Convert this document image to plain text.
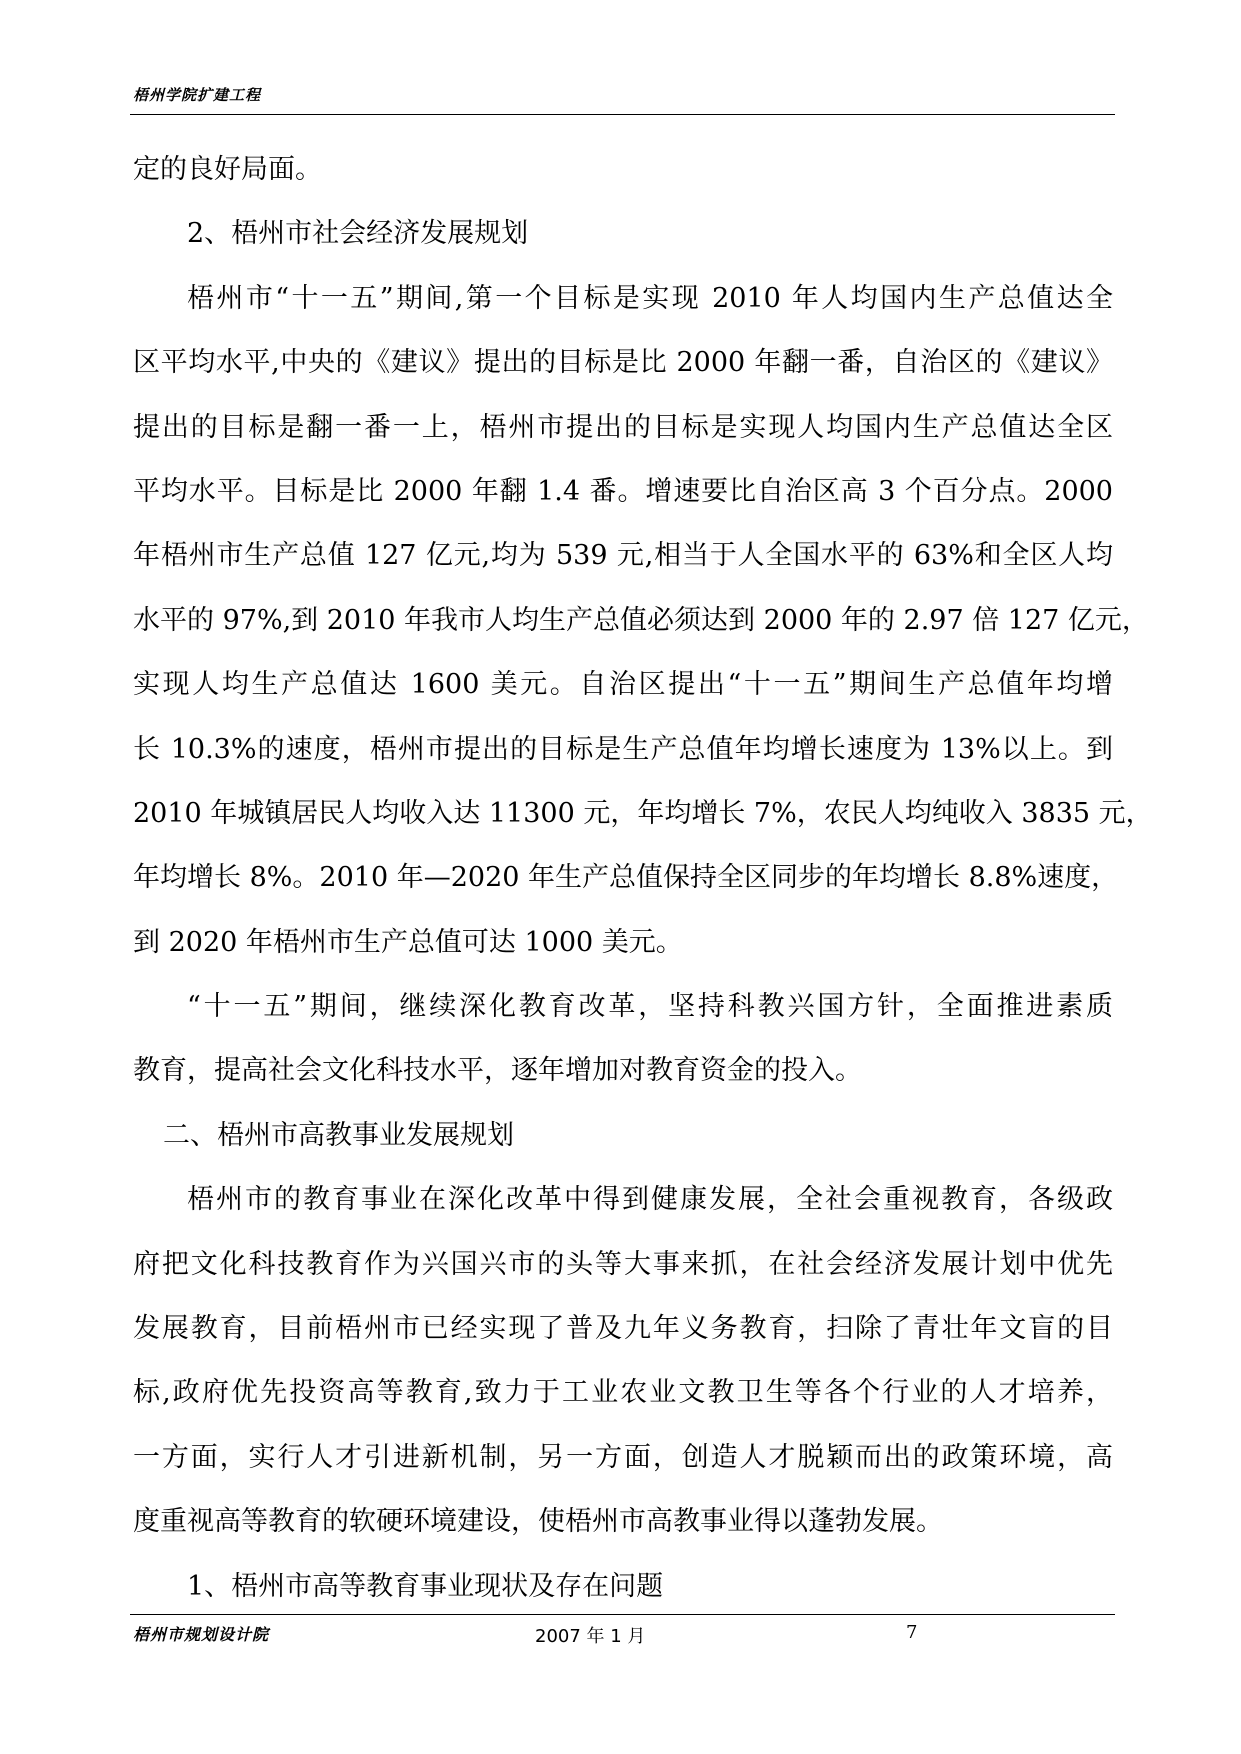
梧州学院扩建工程
定的良好局面。
2、梧州市社会经济发展规划
梧州市“十一五”期间,第一个目标是实现 2010 年人均国内生产总值达全
区平均水平,中央的《建议》提出的目标是比 2000 年翻一番，自治区的《建议》
提出的目标是翻一番一上，梧州市提出的目标是实现人均国内生产总值达全区
平均水平。目标是比 2000 年翻 1.4 番。增速要比自治区高 3 个百分点。2000
年梧州市生产总值 127 亿元,均为 539 元,相当于人全国水平的 63%和全区人均
水平的 97%,到 2010 年我市人均生产总值必须达到 2000 年的 2.97 倍 127 亿元，
实现人均生产总值达 1600 美元。自治区提出“十一五”期间生产总值年均增
长 10.3%的速度，梧州市提出的目标是生产总值年均增长速度为 13%以上。到
2010 年城镇居民人均收入达 11300 元，年均增长 7%，农民人均纯收入 3835 元，
年均增长 8%。2010 年—2020 年生产总值保持全区同步的年均增长 8.8%速度，
到 2020 年梧州市生产总值可达 1000 美元。
“十一五”期间，继续深化教育改革，坚持科教兴国方针，全面推进素质
教育，提高社会文化科技水平，逐年增加对教育资金的投入。
二、梧州市高教事业发展规划
梧州市的教育事业在深化改革中得到健康发展，全社会重视教育，各级政
府把文化科技教育作为兴国兴市的头等大事来抓，在社会经济发展计划中优先
发展教育，目前梧州市已经实现了普及九年义务教育，扫除了青壮年文盲的目
标,政府优先投资高等教育,致力于工业农业文教卫生等各个行业的人才培养，
一方面，实行人才引进新机制，另一方面，创造人才脱颖而出的政策环境，高
度重视高等教育的软硬环境建设，使梧州市高教事业得以蓬勃发展。
1、梧州市高等教育事业现状及存在问题
梧州市规划设计院	2007 年 1 月	7
